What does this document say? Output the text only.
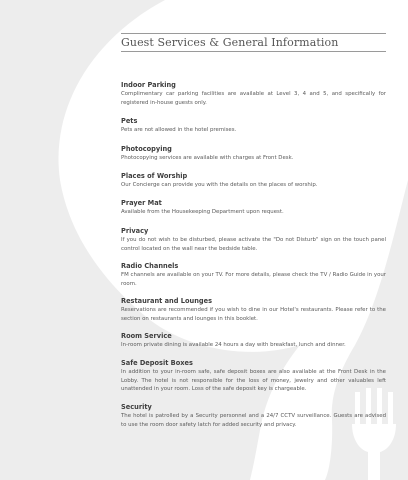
Guest Services & General Information

Indoor Parking

Complimentary car parking facilities are available at Level 3, 4 and 5, and specifically for registered in-house guests only.

Pets

Pets are not allowed in the hotel premises.

Photocopying

Photocopying services are available with charges at Front Desk.

Places of Worship

Our Concierge can provide you with the details on the places of worship.

Prayer Mat

Available from the Housekeeping Department upon request.

Privacy

If you do not wish to be disturbed, please activate the "Do not Disturb" sign on the touch panel control located on the wall near the bedside table.

Radio Channels

FM channels are available on your TV. For more details, please check the TV / Radio Guide in your room.

Restaurant and Lounges

Reservations are recommended if you wish to dine in our Hotel's restaurants. Please refer to the section on restaurants and lounges in this booklet.

Room Service

In-room private dining is available 24 hours a day with breakfast, lunch and dinner.

Safe Deposit Boxes

In addition to your in-room safe, safe deposit boxes are also available at the Front Desk in the Lobby. The hotel is not responsible for the loss of money, jewelry and other valuables left unattended in your room. Loss of the safe deposit key is chargeable.

Security

The hotel is patrolled by a Security personnel and a 24/7 CCTV surveillance. Guests are advised to use the room door safety latch for added security and privacy.
